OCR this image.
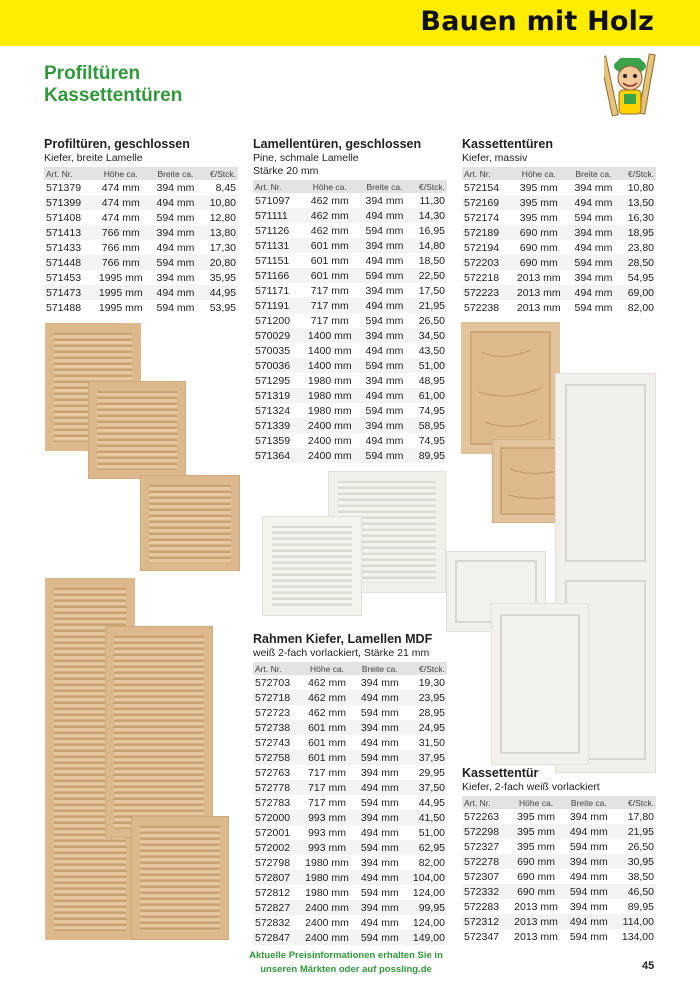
Bauen mit Holz
Profiltüren
Kassettentüren
Profiltüren, geschlossen
Kiefer, breite Lamelle
Art. Nr.	Höhe ca.	Breite ca.	€/Stck.
571379	474 mm	394 mm	8,45
571399	474 mm	494 mm	10,80
571408	474 mm	594 mm	12,80
571413	766 mm	394 mm	13,80
571433	766 mm	494 mm	17,30
571448	766 mm	594 mm	20,80
571453	1995 mm	394 mm	35,95
571473	1995 mm	494 mm	44,95
571488	1995 mm	594 mm	53,95
Lamellentüren, geschlossen
Pine, schmale Lamelle
Stärke 20 mm
Art. Nr.	Höhe ca.	Breite ca.	€/Stck.
571097	462 mm	394 mm	11,30
571111	462 mm	494 mm	14,30
571126	462 mm	594 mm	16,95
571131	601 mm	394 mm	14,80
571151	601 mm	494 mm	18,50
571166	601 mm	594 mm	22,50
571171	717 mm	394 mm	17,50
571191	717 mm	494 mm	21,95
571200	717 mm	594 mm	26,50
570029	1400 mm	394 mm	34,50
570035	1400 mm	494 mm	43,50
570036	1400 mm	594 mm	51,00
571295	1980 mm	394 mm	48,95
571319	1980 mm	494 mm	61,00
571324	1980 mm	594 mm	74,95
571339	2400 mm	394 mm	58,95
571359	2400 mm	494 mm	74,95
571364	2400 mm	594 mm	89,95
Kassettentüren
Kiefer, massiv
Art. Nr.	Höhe ca.	Breite ca.	€/Stck.
572154	395 mm	394 mm	10,80
572169	395 mm	494 mm	13,50
572174	395 mm	594 mm	16,30
572189	690 mm	394 mm	18,95
572194	690 mm	494 mm	23,80
572203	690 mm	594 mm	28,50
572218	2013 mm	394 mm	54,95
572223	2013 mm	494 mm	69,00
572238	2013 mm	594 mm	82,00
Rahmen Kiefer, Lamellen MDF
weiß 2-fach vorlackiert, Stärke 21 mm
Art. Nr.	Höhe ca.	Breite ca.	€/Stck.
572703	462 mm	394 mm	19,30
572718	462 mm	494 mm	23,95
572723	462 mm	594 mm	28,95
572738	601 mm	394 mm	24,95
572743	601 mm	494 mm	31,50
572758	601 mm	594 mm	37,95
572763	717 mm	394 mm	29,95
572778	717 mm	494 mm	37,50
572783	717 mm	594 mm	44,95
572000	993 mm	394 mm	41,50
572001	993 mm	494 mm	51,00
572002	993 mm	594 mm	62,95
572798	1980 mm	394 mm	82,00
572807	1980 mm	494 mm	104,00
572812	1980 mm	594 mm	124,00
572827	2400 mm	394 mm	99,95
572832	2400 mm	494 mm	124,00
572847	2400 mm	594 mm	149,00
Kassettentür
Kiefer, 2-fach weiß vorlackiert
Art. Nr.	Höhe ca.	Breite ca.	€/Stck.
572263	395 mm	394 mm	17,80
572298	395 mm	494 mm	21,95
572327	395 mm	594 mm	26,50
572278	690 mm	394 mm	30,95
572307	690 mm	494 mm	38,50
572332	690 mm	594 mm	46,50
572283	2013 mm	394 mm	89,95
572312	2013 mm	494 mm	114,00
572347	2013 mm	594 mm	134,00
Aktuelle Preisinformationen erhalten Sie in
unseren Märkten oder auf possling.de	45
